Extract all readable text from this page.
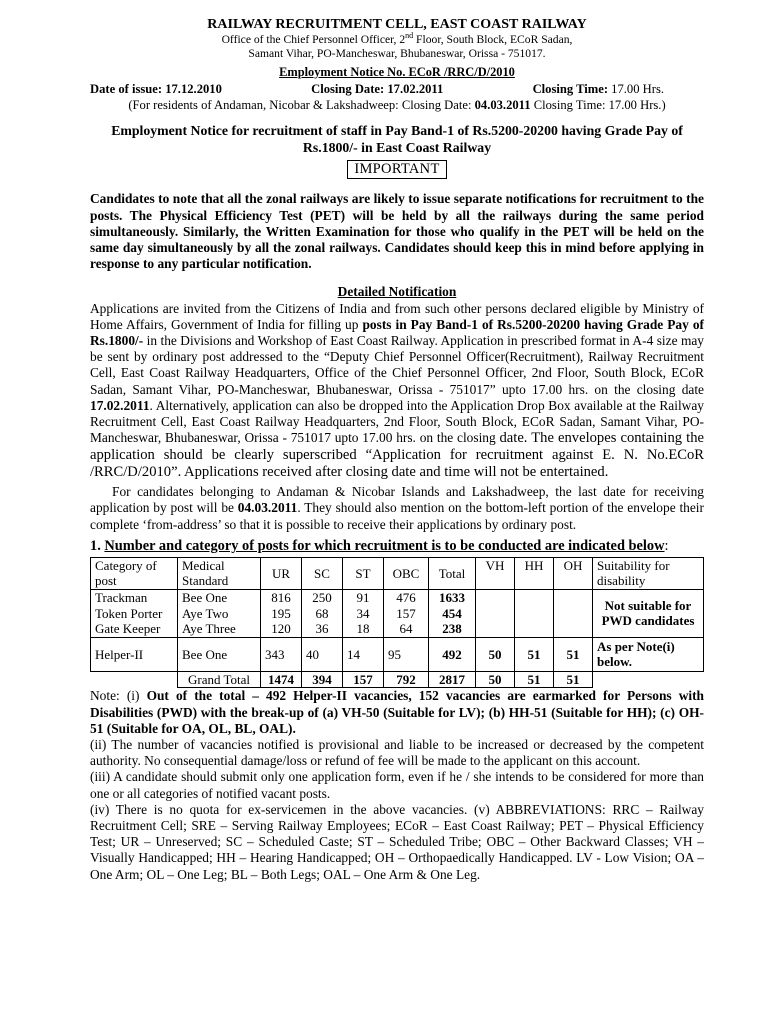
RAILWAY RECRUITMENT CELL, EAST COAST RAILWAY
Office of the Chief Personnel Officer, 2nd Floor, South Block, ECoR Sadan,
Samant Vihar, PO-Mancheswar, Bhubaneswar, Orissa - 751017.
Employment Notice No. ECoR /RRC/D/2010
Date of issue: 17.12.2010	Closing Date: 17.02.2011	Closing Time: 17.00 Hrs.
(For residents of Andaman, Nicobar & Lakshadweep: Closing Date: 04.03.2011 Closing Time: 17.00 Hrs.)
Employment Notice for recruitment of staff in Pay Band-1 of Rs.5200-20200 having Grade Pay of Rs.1800/- in East Coast Railway
IMPORTANT

Candidates to note that all the zonal railways are likely to issue separate notifications for recruitment to the posts. The Physical Efficiency Test (PET) will be held by all the railways during the same period simultaneously. Similarly, the Written Examination for those who qualify in the PET will be held on the same day simultaneously by all the zonal railways. Candidates should keep this in mind before applying in response to any particular notification.

Detailed Notification

Applications are invited from the Citizens of India and from such other persons declared eligible by Ministry of Home Affairs, Government of India for filling up posts in Pay Band-1 of Rs.5200-20200 having Grade Pay of Rs.1800/- in the Divisions and Workshop of East Coast Railway. Application in prescribed format in A-4 size may be sent by ordinary post addressed to the “Deputy Chief Personnel Officer(Recruitment), Railway Recruitment Cell, East Coast Railway Headquarters, Office of the Chief Personnel Officer, 2nd Floor, South Block, ECoR Sadan, Samant Vihar, PO-Mancheswar, Bhubaneswar, Orissa - 751017” upto 17.00 hrs. on the closing date 17.02.2011. Alternatively, application can also be dropped into the Application Drop Box available at the Railway Recruitment Cell, East Coast Railway Headquarters, 2nd Floor, South Block, ECoR Sadan, Samant Vihar, PO-Mancheswar, Bhubaneswar, Orissa - 751017 upto 17.00 hrs. on the closing date. The envelopes containing the application should be clearly superscribed “Application for recruitment against E. N. No.ECoR /RRC/D/2010”. Applications received after closing date and time will not be entertained.

For candidates belonging to Andaman & Nicobar Islands and Lakshadweep, the last date for receiving application by post will be 04.03.2011. They should also mention on the bottom-left portion of the envelope their complete ‘from-address’ so that it is possible to receive their applications by ordinary post.

1. Number and category of posts for which recruitment is to be conducted are indicated below:
Category of post	Medical Standard	UR	SC	ST	OBC	Total	VH	HH	OH	Suitability for disability
Trackman	Bee One	816	250	91	476	1633				Not suitable for PWD candidates
Token Porter	Aye Two	195	68	34	157	454				
Gate Keeper	Aye Three	120	36	18	64	238				
Helper-II	Bee One	343	40	14	95	492	50	51	51	As per Note(i) below.
	Grand Total	1474	394	157	792	2817	50	51	51	

Note: (i) Out of the total – 492 Helper-II vacancies, 152 vacancies are earmarked for Persons with Disabilities (PWD) with the break-up of (a) VH-50 (Suitable for LV); (b) HH-51 (Suitable for HH); (c) OH-51 (Suitable for OA, OL, BL, OAL).

(ii) The number of vacancies notified is provisional and liable to be increased or decreased by the competent authority. No consequential damage/loss or refund of fee will be made to the applicant on this account.

(iii) A candidate should submit only one application form, even if he / she intends to be considered for more than one or all categories of notified vacant posts.

(iv) There is no quota for ex-servicemen in the above vacancies. (v) ABBREVIATIONS: RRC – Railway Recruitment Cell; SRE – Serving Railway Employees; ECoR – East Coast Railway; PET – Physical Efficiency Test; UR – Unreserved; SC – Scheduled Caste; ST – Scheduled Tribe; OBC – Other Backward Classes; VH – Visually Handicapped; HH – Hearing Handicapped; OH – Orthopaedically Handicapped. LV - Low Vision; OA – One Arm; OL – One Leg; BL – Both Legs; OAL – One Arm & One Leg.
